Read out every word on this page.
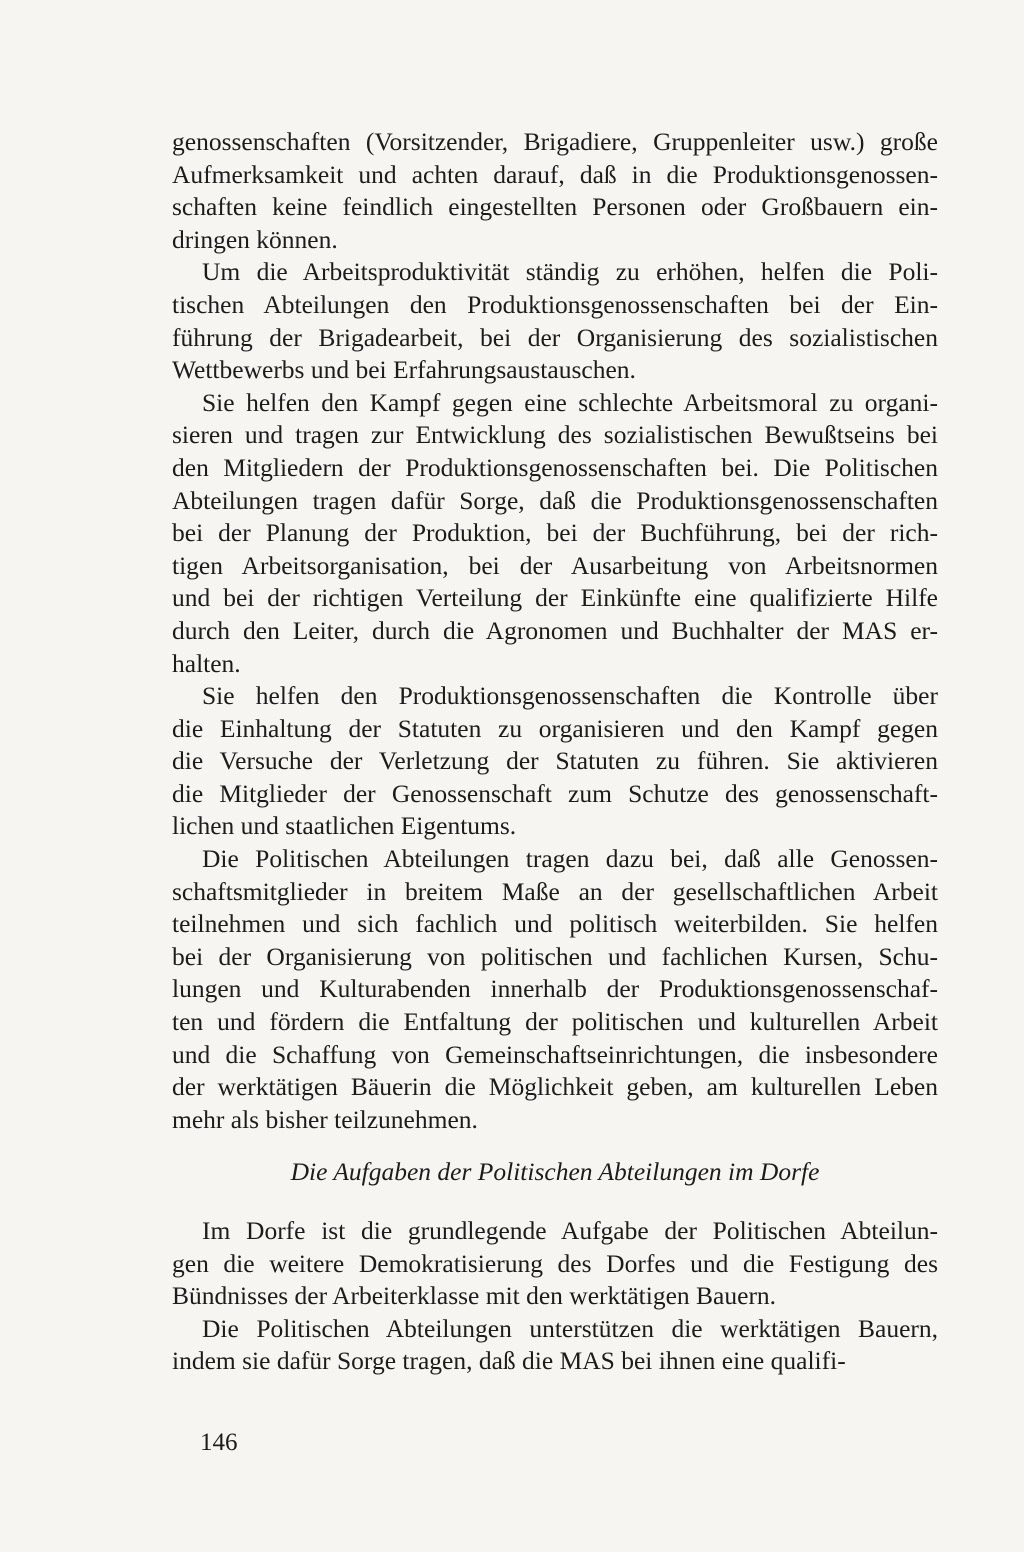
genossenschaften (Vorsitzender, Brigadiere, Gruppenleiter usw.) große
Aufmerksamkeit und achten darauf, daß in die Produktionsgenossen-
schaften keine feindlich eingestellten Personen oder Großbauern ein-
dringen können.
Um die Arbeitsproduktivität ständig zu erhöhen, helfen die Poli-
tischen Abteilungen den Produktionsgenossenschaften bei der Ein-
führung der Brigadearbeit, bei der Organisierung des sozialistischen
Wettbewerbs und bei Erfahrungsaustauschen.
Sie helfen den Kampf gegen eine schlechte Arbeitsmoral zu organi-
sieren und tragen zur Entwicklung des sozialistischen Bewußtseins bei
den Mitgliedern der Produktionsgenossenschaften bei. Die Politischen
Abteilungen tragen dafür Sorge, daß die Produktionsgenossenschaften
bei der Planung der Produktion, bei der Buchführung, bei der rich-
tigen Arbeitsorganisation, bei der Ausarbeitung von Arbeitsnormen
und bei der richtigen Verteilung der Einkünfte eine qualifizierte Hilfe
durch den Leiter, durch die Agronomen und Buchhalter der MAS er-
halten.
Sie helfen den Produktionsgenossenschaften die Kontrolle über
die Einhaltung der Statuten zu organisieren und den Kampf gegen
die Versuche der Verletzung der Statuten zu führen. Sie aktivieren
die Mitglieder der Genossenschaft zum Schutze des genossenschaft-
lichen und staatlichen Eigentums.
Die Politischen Abteilungen tragen dazu bei, daß alle Genossen-
schaftsmitglieder in breitem Maße an der gesellschaftlichen Arbeit
teilnehmen und sich fachlich und politisch weiterbilden. Sie helfen
bei der Organisierung von politischen und fachlichen Kursen, Schu-
lungen und Kulturabenden innerhalb der Produktionsgenossenschaf-
ten und fördern die Entfaltung der politischen und kulturellen Arbeit
und die Schaffung von Gemeinschaftseinrichtungen, die insbesondere
der werktätigen Bäuerin die Möglichkeit geben, am kulturellen Leben
mehr als bisher teilzunehmen.
Die Aufgaben der Politischen Abteilungen im Dorfe
Im Dorfe ist die grundlegende Aufgabe der Politischen Abteilun-
gen die weitere Demokratisierung des Dorfes und die Festigung des
Bündnisses der Arbeiterklasse mit den werktätigen Bauern.
Die Politischen Abteilungen unterstützen die werktätigen Bauern,
indem sie dafür Sorge tragen, daß die MAS bei ihnen eine qualifi-
146
